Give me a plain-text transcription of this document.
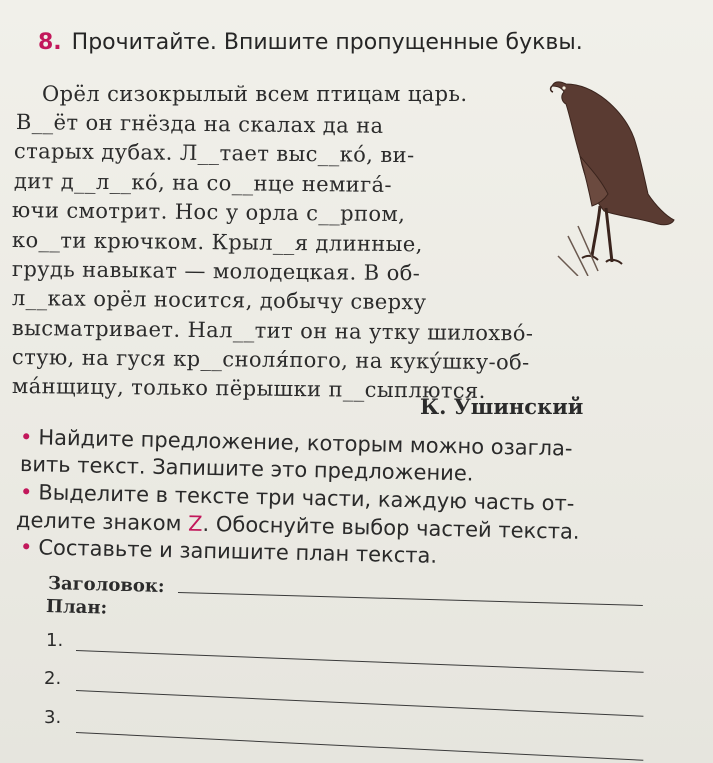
8. Прочитайте. Впишите пропущенные буквы.
Орёл сизокрылый всем птицам царь.
В__ёт он гнёзда на скалах да на
старых дубах. Л__тает выс__ко́, ви-
дит д__л__ко́, на со__нце немига́-
ючи смотрит. Нос у орла с__рпом,
ко__ти крючком. Крыл__я длинные,
грудь навыкат — молодецкая. В об-
л__ках орёл носится, добычу сверху
высматривает. Нал__тит он на утку шилохво́-
стую, на гуся кр__сноля́пого, на куку́шку-об-
ма́нщицу, только пёрышки п__сыплются.
К. Ушинский
• Найдите предложение, которым можно озагла-
вить текст. Запишите это предложение.
• Выделите в тексте три части, каждую часть от-
делите знаком Z. Обоснуйте выбор частей текста.
• Составьте и запишите план текста.
Заголовок:
План:
1.
2.
3.
